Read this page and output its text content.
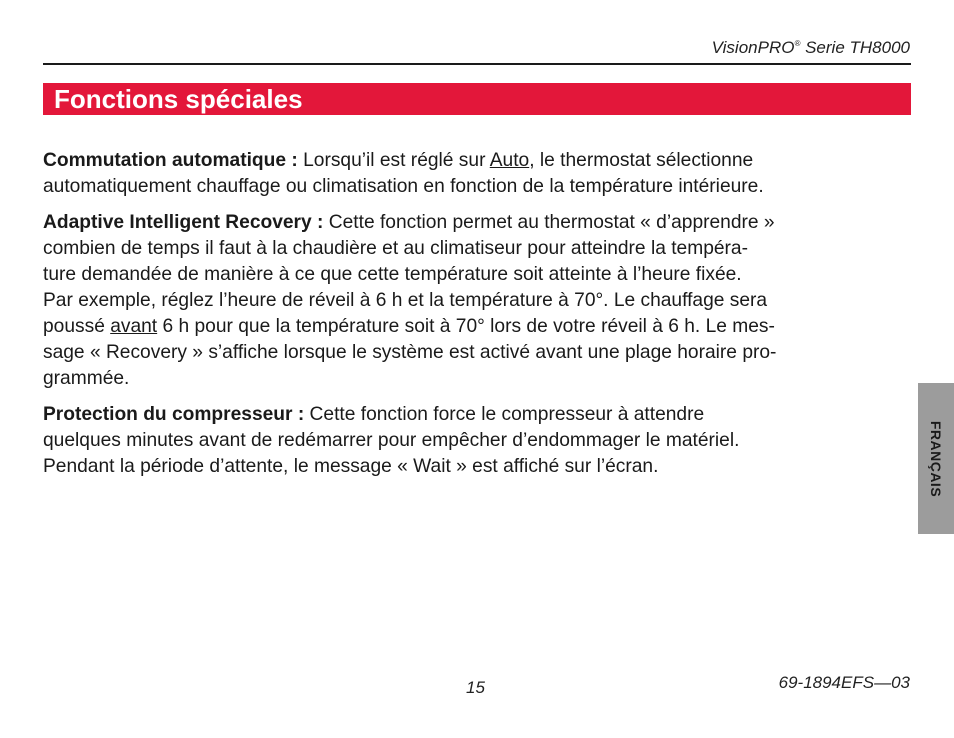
VisionPRO® Serie TH8000
Fonctions spéciales
Commutation automatique : Lorsqu’il est réglé sur Auto, le thermostat sélectionne
automatiquement chauffage ou climatisation en fonction de la température intérieure.
Adaptive Intelligent Recovery : Cette fonction permet au thermostat « d’apprendre »
combien de temps il faut à la chaudière et au climatiseur pour atteindre la tempéra-
ture demandée de manière à ce que cette température soit atteinte à l’heure fixée.
Par exemple, réglez l’heure de réveil à 6 h et la température à 70°. Le chauffage sera
poussé avant 6 h pour que la température soit à 70° lors de votre réveil à 6 h. Le mes-
sage « Recovery » s’affiche lorsque le système est activé avant une plage horaire pro-
grammée.
Protection du compresseur : Cette fonction force le compresseur à attendre
quelques minutes avant de redémarrer pour empêcher d’endommager le matériel.
Pendant la période d’attente, le message « Wait » est affiché sur l’écran.	FRANÇAIS
15	69-1894EFS—03
